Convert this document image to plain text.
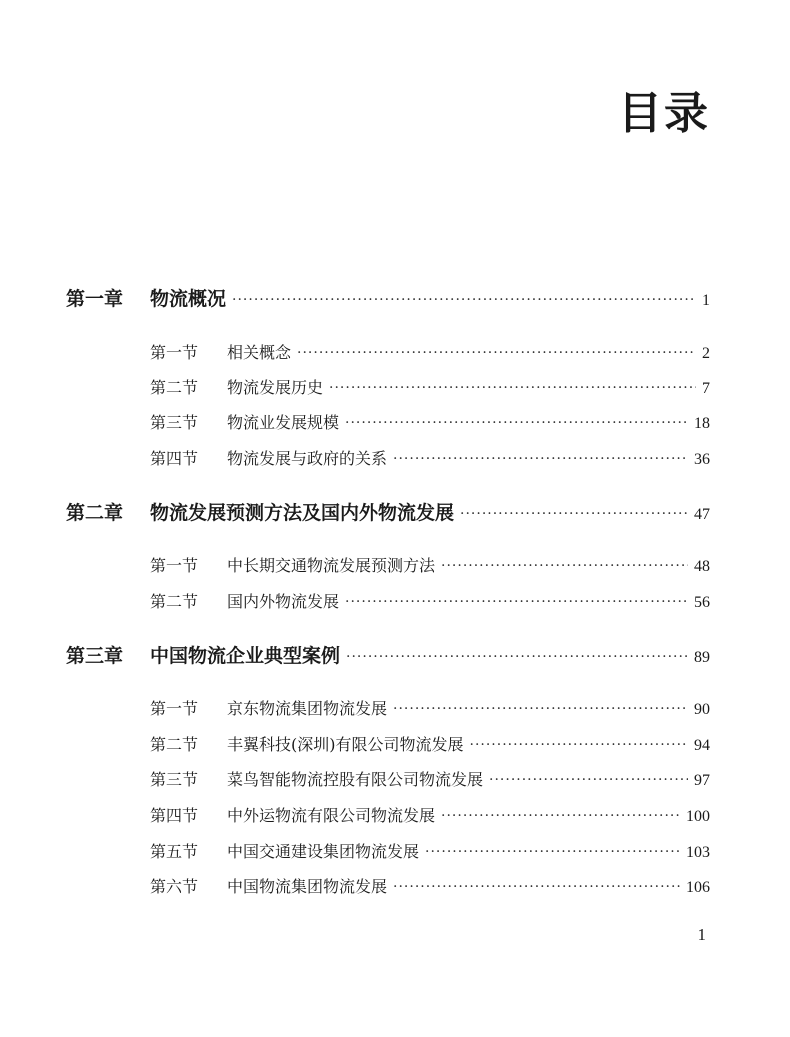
目录
第一章	物流概况 ·····	1
第一节	相关概念 ·····	2
第二节	物流发展历史 ·····	7
第三节	物流业发展规模 ·····	18
第四节	物流发展与政府的关系 ·····	36
第二章	物流发展预测方法及国内外物流发展 ·····	47
第一节	中长期交通物流发展预测方法 ·····	48
第二节	国内外物流发展 ·····	56
第三章	中国物流企业典型案例 ·····	89
第一节	京东物流集团物流发展 ·····	90
第二节	丰翼科技(深圳)有限公司物流发展 ·····	94
第三节	菜鸟智能物流控股有限公司物流发展 ·····	97
第四节	中外运物流有限公司物流发展 ·····	100
第五节	中国交通建设集团物流发展 ·····	103
第六节	中国物流集团物流发展 ·····	106
1
